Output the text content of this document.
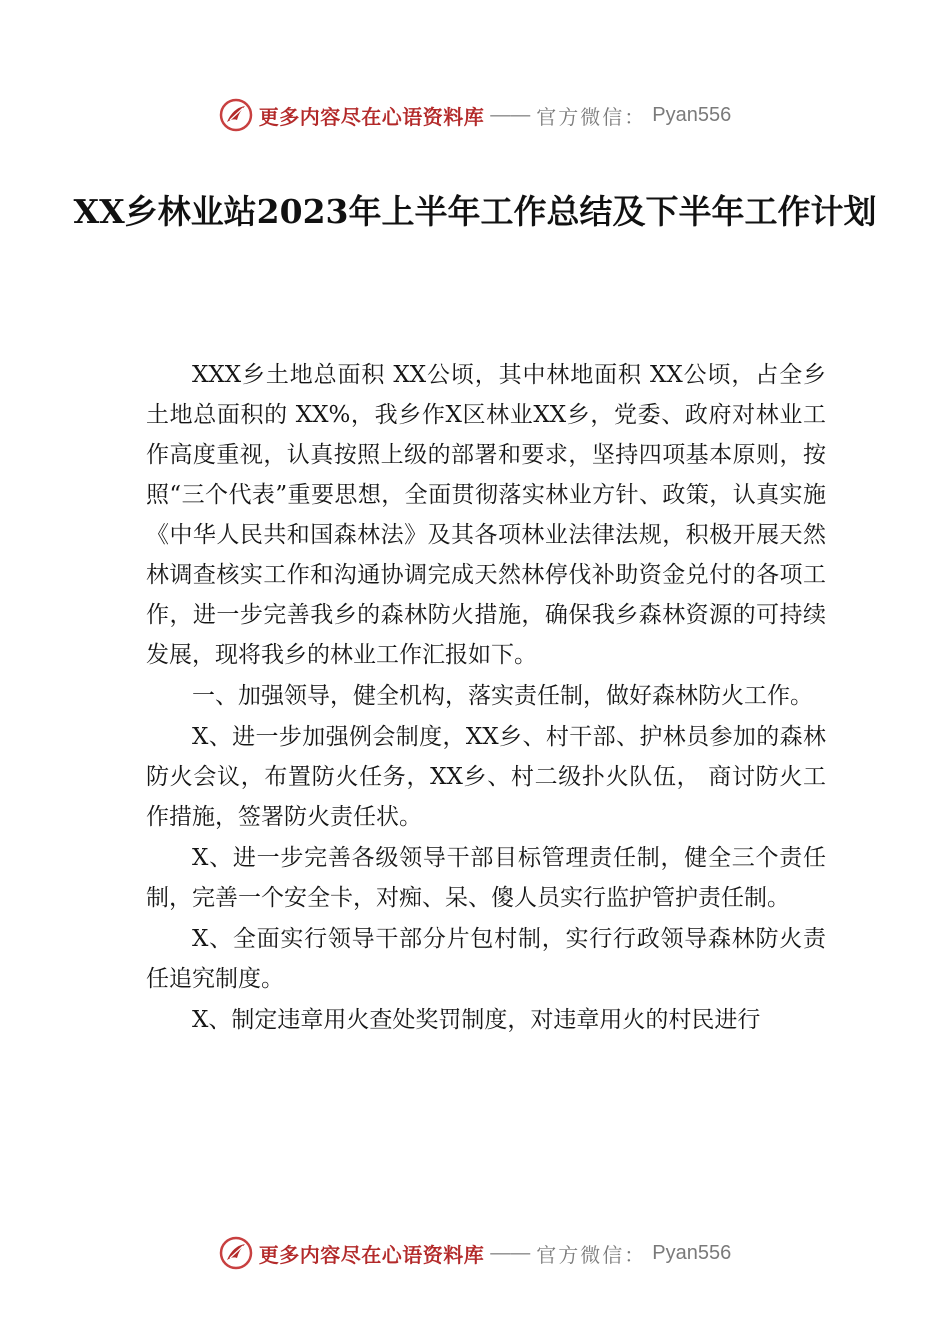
更多内容尽在心语资料库 —— 官方微信： Pyan556
XX乡林业站2023年上半年工作总结及下半年工作计划

XXX乡土地总面积 XX公顷，其中林地面积 XX公顷，占全乡土地总面积的 XX%，我乡作X区林业XX乡，党委、政府对林业工作高度重视，认真按照上级的部署和要求，坚持四项基本原则，按照“三个代表”重要思想，全面贯彻落实林业方针、政策，认真实施《中华人民共和国森林法》及其各项林业法律法规，积极开展天然林调查核实工作和沟通协调完成天然林停伐补助资金兑付的各项工作，进一步完善我乡的森林防火措施，确保我乡森林资源的可持续发展，现将我乡的林业工作汇报如下。

一、加强领导，健全机构，落实责任制，做好森林防火工作。

X、进一步加强例会制度，XX乡、村干部、护林员参加的森林防火会议，布置防火任务，XX乡、村二级扑火队伍， 商讨防火工作措施，签署防火责任状。

X、进一步完善各级领导干部目标管理责任制，健全三个责任制，完善一个安全卡，对痴、呆、傻人员实行监护管护责任制。

X、全面实行领导干部分片包村制，实行行政领导森林防火责任追究制度。

X、制定违章用火查处奖罚制度，对违章用火的村民进行

更多内容尽在心语资料库 —— 官方微信： Pyan556
